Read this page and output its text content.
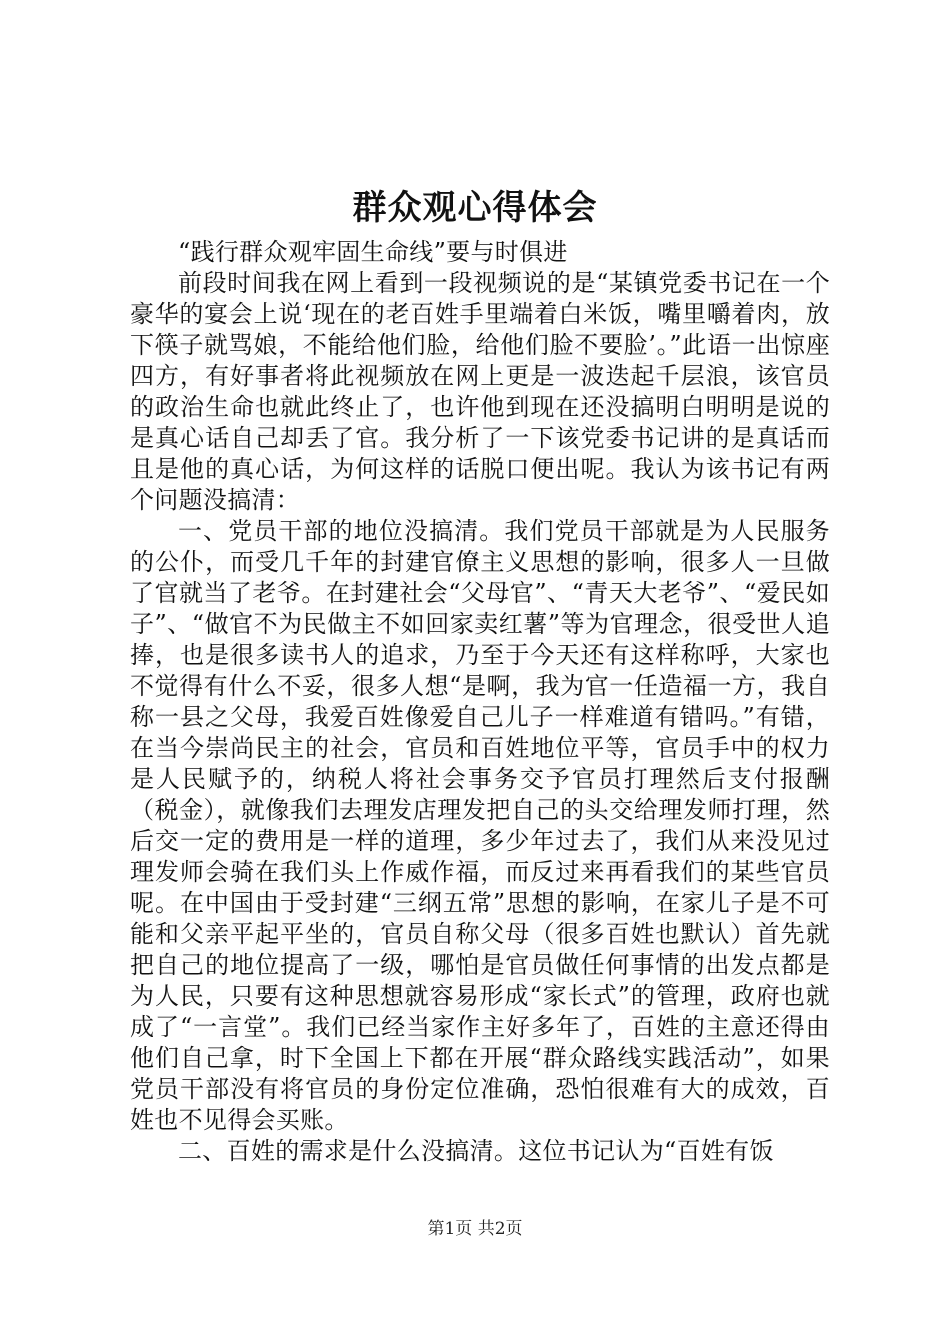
群众观心得体会

“践行群众观牢固生命线”要与时俱进

前段时间我在网上看到一段视频说的是“某镇党委书记在一个豪华的宴会上说‘现在的老百姓手里端着白米饭，嘴里嚼着肉，放下筷子就骂娘，不能给他们脸，给他们脸不要脸’。”此语一出惊座四方，有好事者将此视频放在网上更是一波迭起千层浪，该官员的政治生命也就此终止了，也许他到现在还没搞明白明明是说的是真心话自己却丢了官。我分析了一下该党委书记讲的是真话而且是他的真心话，为何这样的话脱口便出呢。我认为该书记有两个问题没搞清：

一、党员干部的地位没搞清。我们党员干部就是为人民服务的公仆，而受几千年的封建官僚主义思想的影响，很多人一旦做了官就当了老爷。在封建社会“父母官”、“青天大老爷”、“爱民如子”、“做官不为民做主不如回家卖红薯”等为官理念，很受世人追捧，也是很多读书人的追求，乃至于今天还有这样称呼，大家也不觉得有什么不妥，很多人想“是啊，我为官一任造福一方，我自称一县之父母，我爱百姓像爱自己儿子一样难道有错吗。”有错，在当今崇尚民主的社会，官员和百姓地位平等，官员手中的权力是人民赋予的，纳税人将社会事务交予官员打理然后支付报酬（税金），就像我们去理发店理发把自己的头交给理发师打理，然后交一定的费用是一样的道理，多少年过去了，我们从来没见过理发师会骑在我们头上作威作福，而反过来再看我们的某些官员呢。在中国由于受封建“三纲五常”思想的影响，在家儿子是不可能和父亲平起平坐的，官员自称父母（很多百姓也默认）首先就把自己的地位提高了一级，哪怕是官员做任何事情的出发点都是为人民，只要有这种思想就容易形成“家长式”的管理，政府也就成了“一言堂”。我们已经当家作主好多年了，百姓的主意还得由他们自己拿，时下全国上下都在开展“群众路线实践活动”，如果党员干部没有将官员的身份定位准确，恐怕很难有大的成效，百姓也不见得会买账。

二、百姓的需求是什么没搞清。这位书记认为“百姓有饭

第1页 共2页
